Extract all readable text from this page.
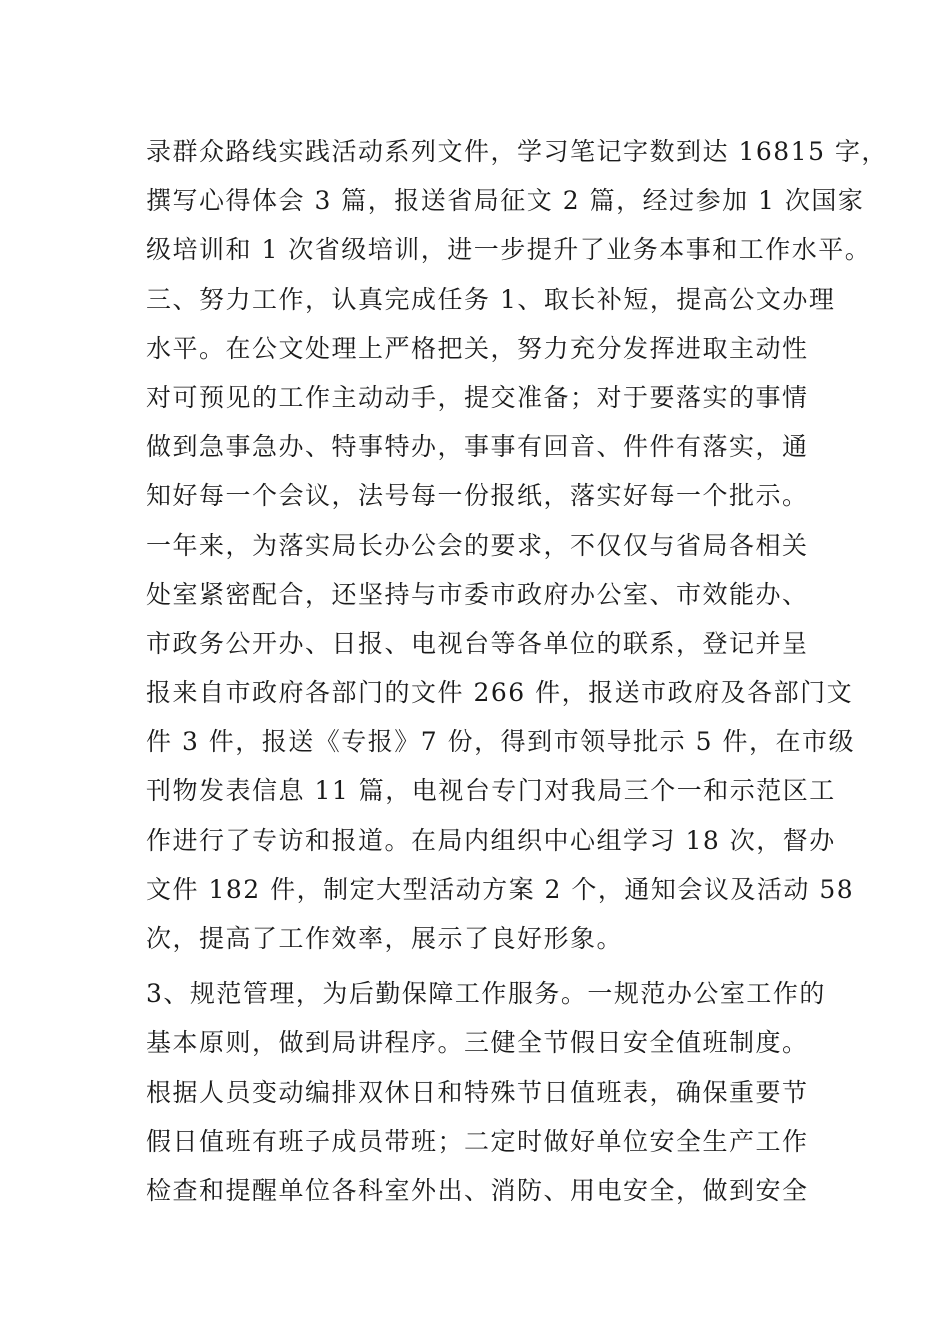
录群众路线实践活动系列文件，学习笔记字数到达 16815 字，
撰写心得体会 3 篇，报送省局征文 2 篇，经过参加 1 次国家
级培训和 1 次省级培训，进一步提升了业务本事和工作水平。
三、努力工作，认真完成任务 1、取长补短，提高公文办理
水平。在公文处理上严格把关，努力充分发挥进取主动性
对可预见的工作主动动手，提交准备；对于要落实的事情
做到急事急办、特事特办，事事有回音、件件有落实，通
知好每一个会议，法号每一份报纸，落实好每一个批示。
一年来，为落实局长办公会的要求，不仅仅与省局各相关
处室紧密配合，还坚持与市委市政府办公室、市效能办、
市政务公开办、日报、电视台等各单位的联系，登记并呈
报来自市政府各部门的文件 266 件，报送市政府及各部门文
件 3 件，报送《专报》7 份，得到市领导批示 5 件，在市级
刊物发表信息 11 篇，电视台专门对我局三个一和示范区工
作进行了专访和报道。在局内组织中心组学习 18 次，督办
文件 182 件，制定大型活动方案 2 个，通知会议及活动 58
次，提高了工作效率，展示了良好形象。
3、规范管理，为后勤保障工作服务。一规范办公室工作的
基本原则，做到局讲程序。三健全节假日安全值班制度。
根据人员变动编排双休日和特殊节日值班表，确保重要节
假日值班有班子成员带班；二定时做好单位安全生产工作
检查和提醒单位各科室外出、消防、用电安全，做到安全
